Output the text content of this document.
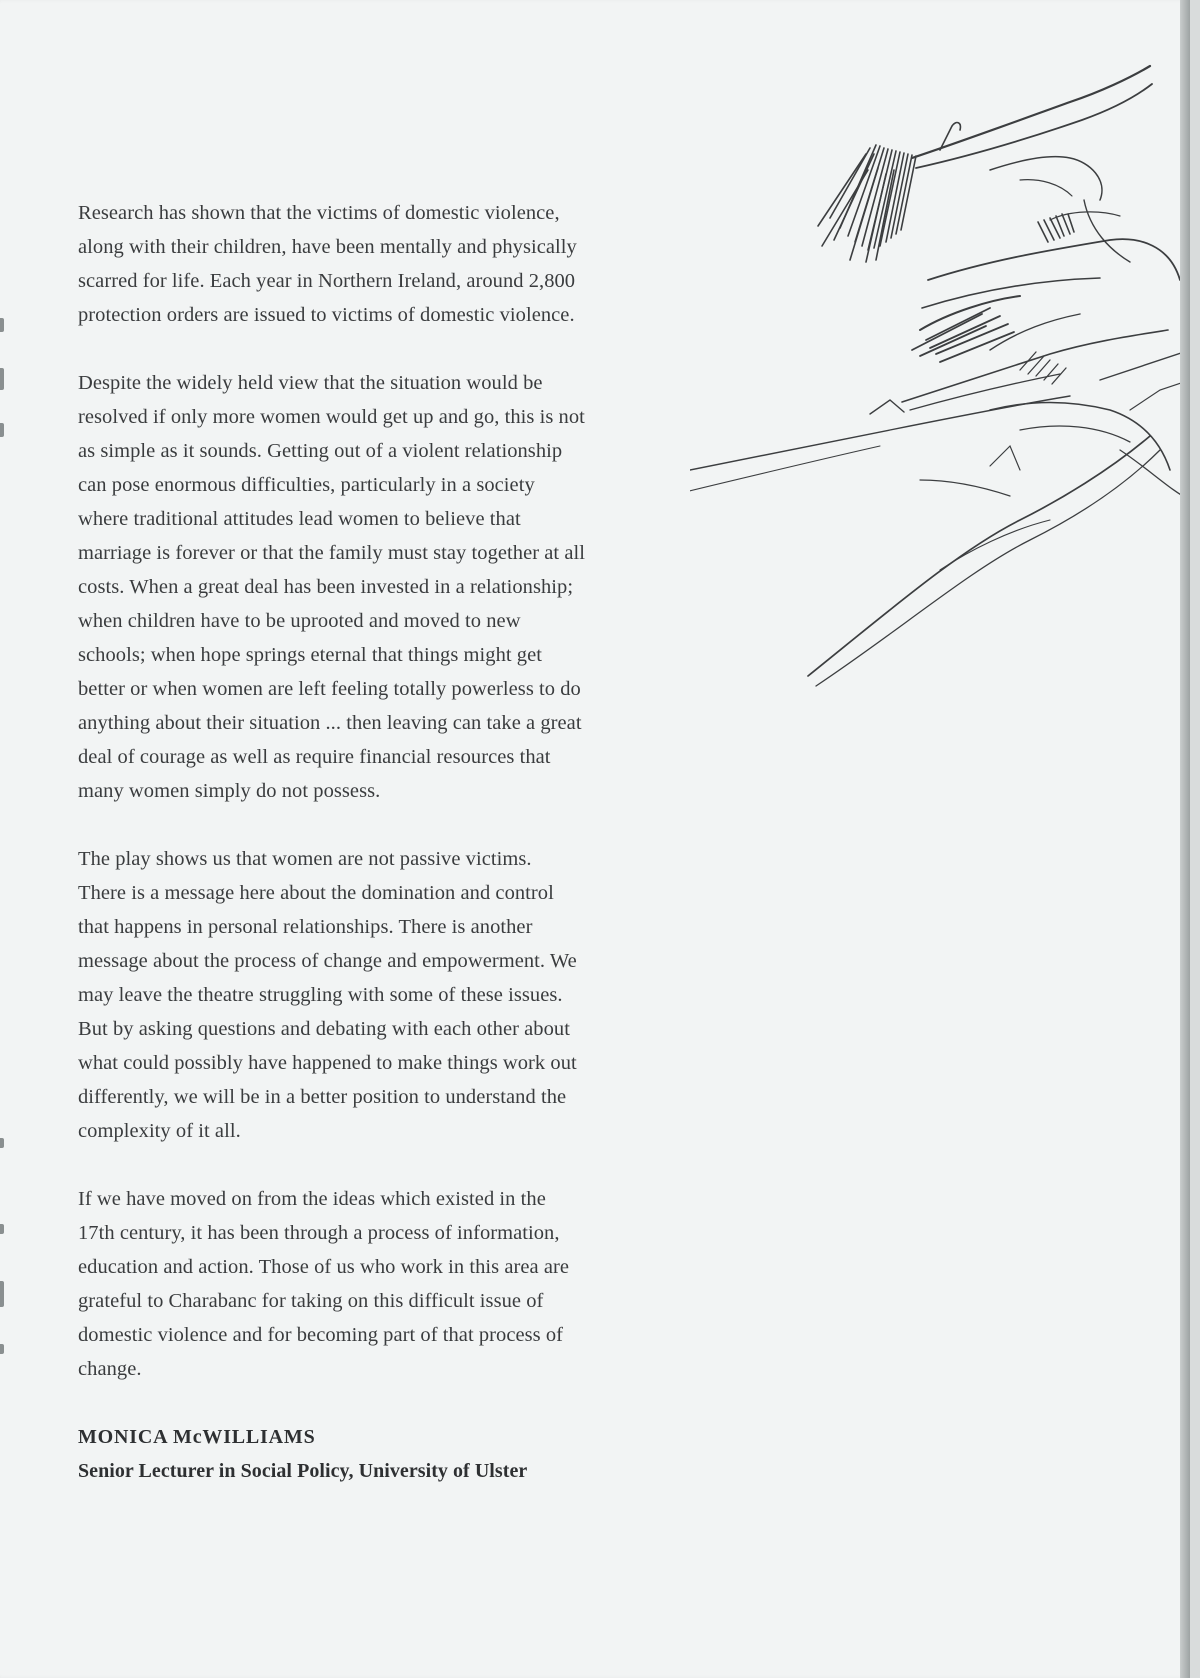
Research has shown that the victims of domestic violence,
along with their children, have been mentally and physically
scarred for life. Each year in Northern Ireland, around 2,800
protection orders are issued to victims of domestic violence.

Despite the widely held view that the situation would be
resolved if only more women would get up and go, this is not
as simple as it sounds. Getting out of a violent relationship
can pose enormous difficulties, particularly in a society
where traditional attitudes lead women to believe that
marriage is forever or that the family must stay together at all
costs. When a great deal has been invested in a relationship;
when children have to be uprooted and moved to new
schools; when hope springs eternal that things might get
better or when women are left feeling totally powerless to do
anything about their situation ... then leaving can take a great
deal of courage as well as require financial resources that
many women simply do not possess.

The play shows us that women are not passive victims.
There is a message here about the domination and control
that happens in personal relationships. There is another
message about the process of change and empowerment. We
may leave the theatre struggling with some of these issues.
But by asking questions and debating with each other about
what could possibly have happened to make things work out
differently, we will be in a better position to understand the
complexity of it all.

If we have moved on from the ideas which existed in the
17th century, it has been through a process of information,
education and action. Those of us who work in this area are
grateful to Charabanc for taking on this difficult issue of
domestic violence and for becoming part of that process of
change.

MONICA McWILLIAMS

Senior Lecturer in Social Policy, University of Ulster
